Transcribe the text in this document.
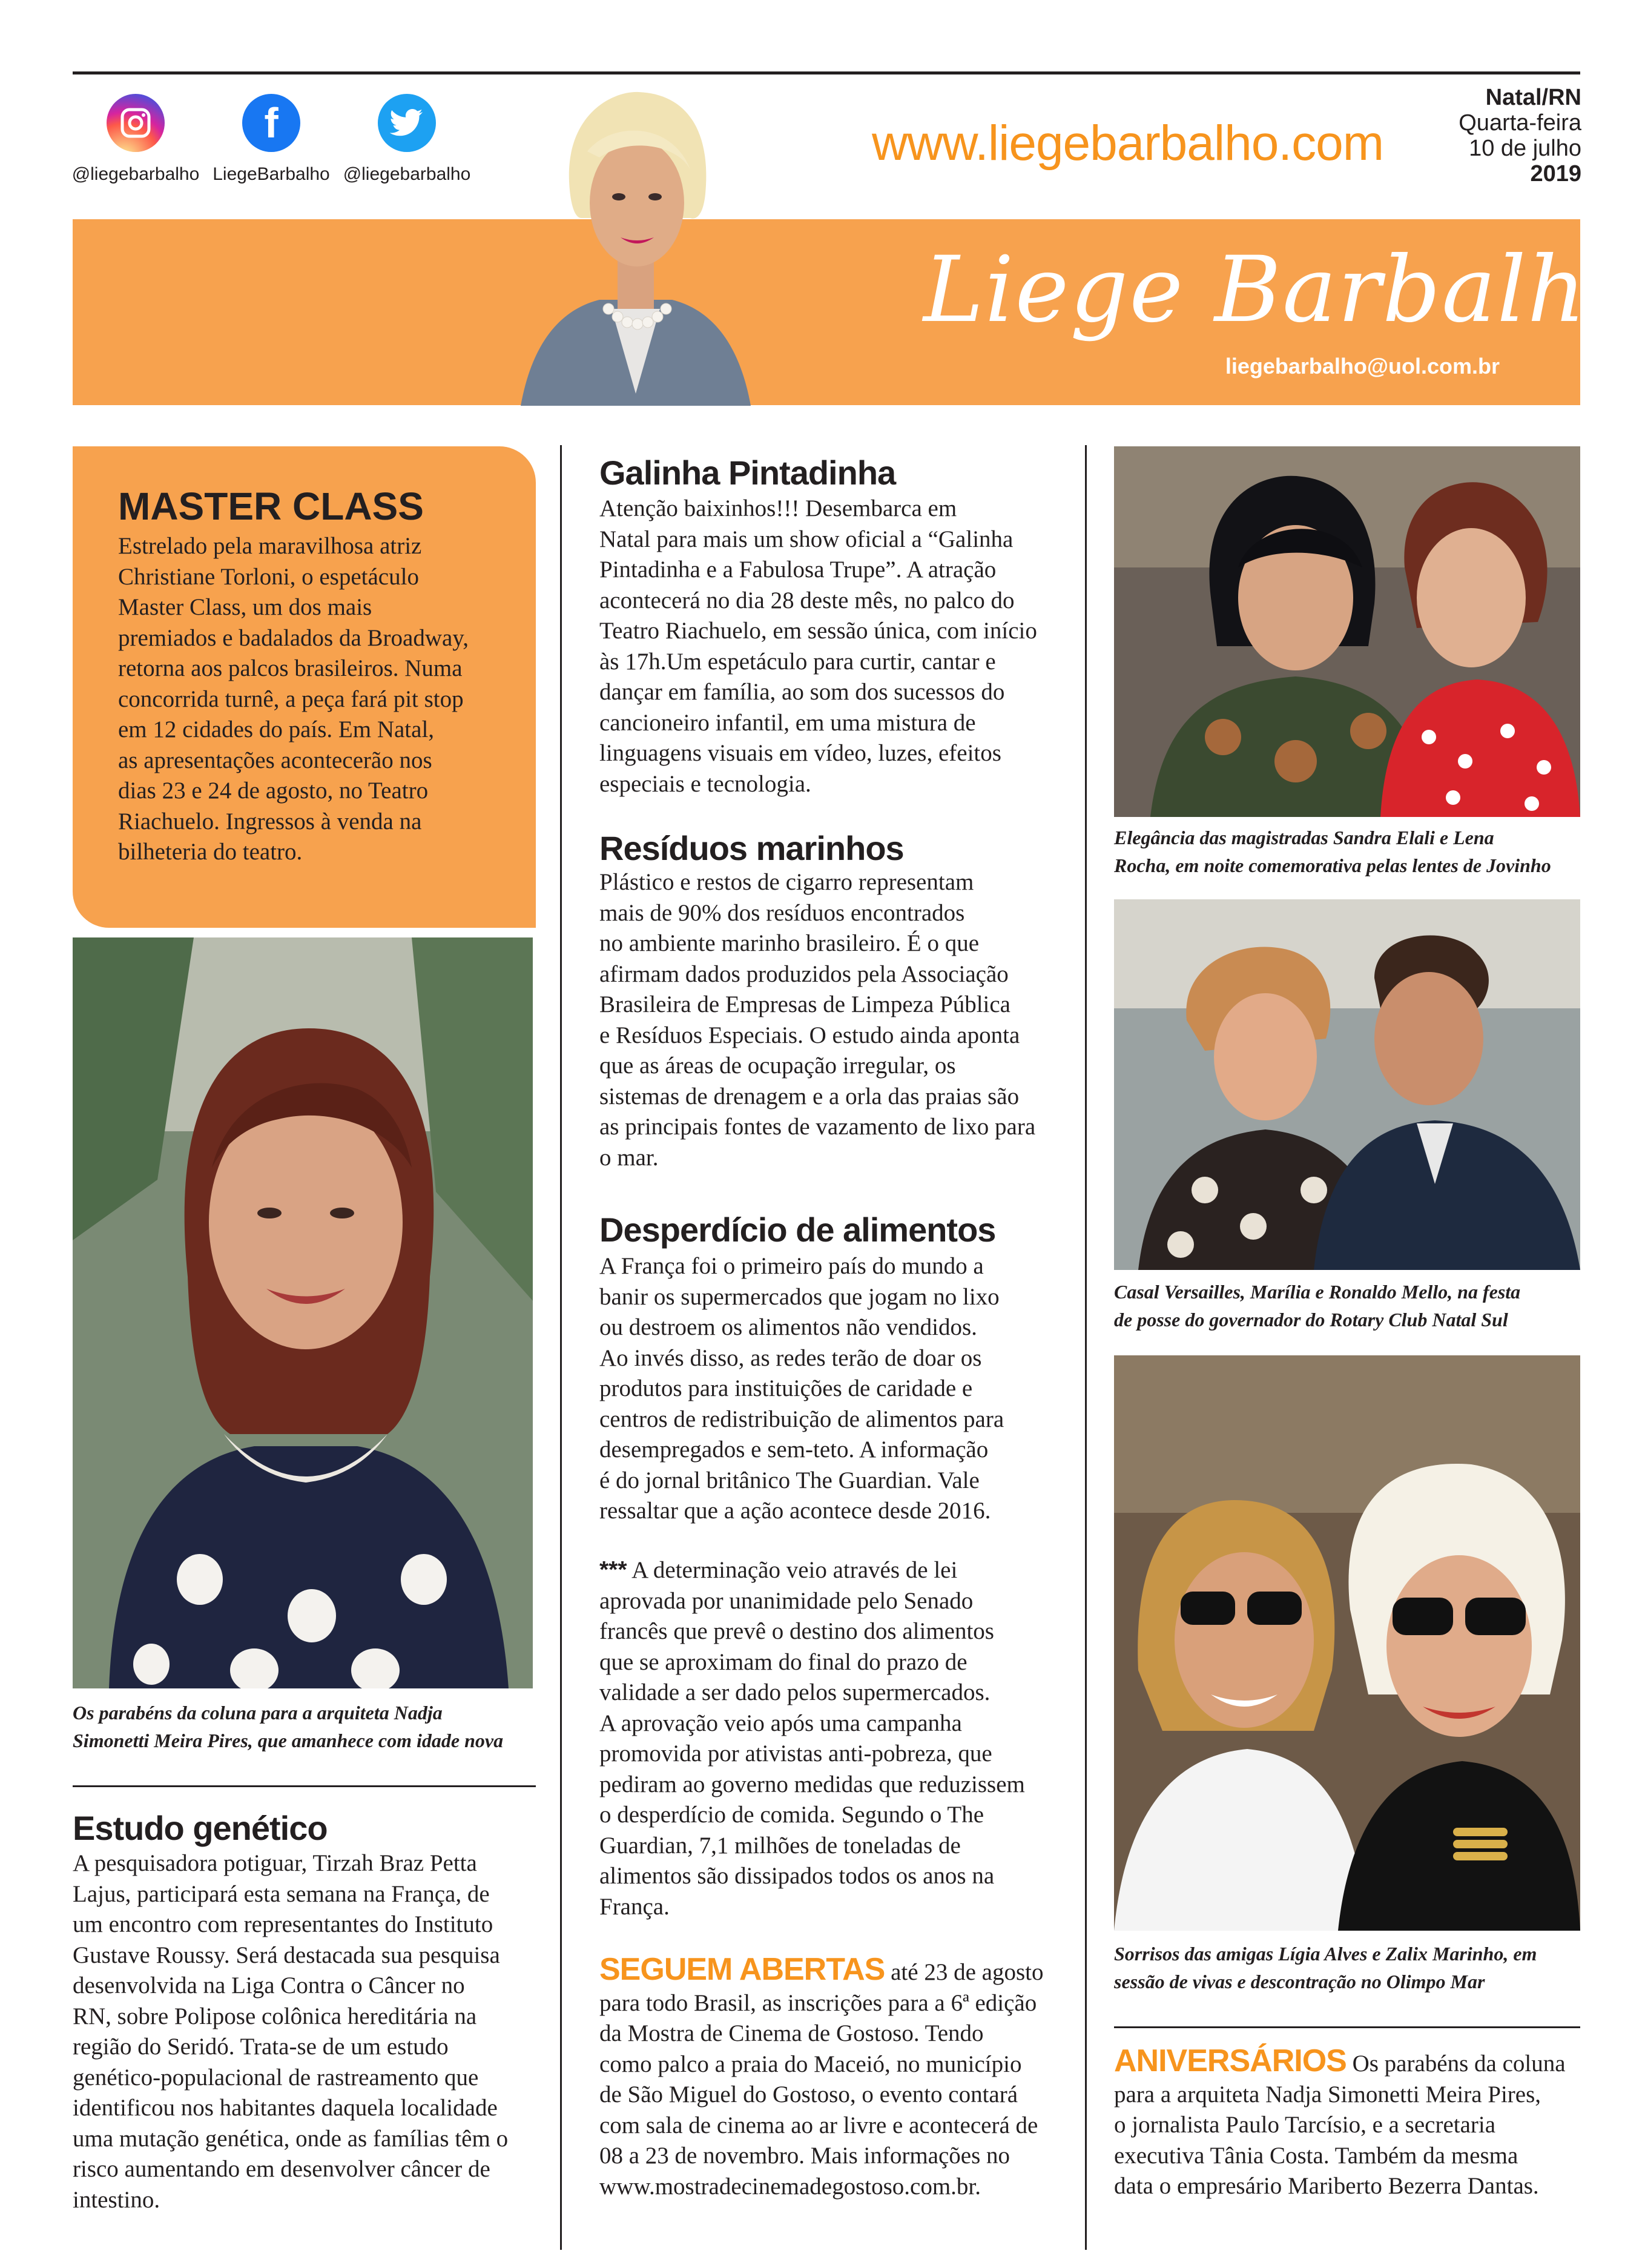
@liegebarbalho
f
LiegeBarbalho @liegebarbalho
www.liegebarbalho.com
Natal/RN
Quarta-feira
10 de julho
2019
Liege Barbalho
liegebarbalho@uol.com.br
MASTER CLASS
Estrelado pela maravilhosa atriz
Christiane Torloni, o espetáculo
Master Class, um dos mais
premiados e badalados da Broadway,
retorna aos palcos brasileiros. Numa
concorrida turnê, a peça fará pit stop
em 12 cidades do país. Em Natal,
as apresentações acontecerão nos
dias 23 e 24 de agosto, no Teatro
Riachuelo. Ingressos à venda na
bilheteria do teatro.
Os parabéns da coluna para a arquiteta Nadja
Simonetti Meira Pires, que amanhece com idade nova
Estudo genético
A pesquisadora potiguar, Tirzah Braz Petta
Lajus, participará esta semana na França, de
um encontro com representantes do Instituto
Gustave Roussy. Será destacada sua pesquisa
desenvolvida na Liga Contra o Câncer no
RN, sobre Polipose colônica hereditária na
região do Seridó. Trata-se de um estudo
genético-populacional de rastreamento que
identificou nos habitantes daquela localidade
uma mutação genética, onde as famílias têm o
risco aumentando em desenvolver câncer de
intestino.
Galinha Pintadinha
Atenção baixinhos!!! Desembarca em
Natal para mais um show oficial a “Galinha
Pintadinha e a Fabulosa Trupe”. A atração
acontecerá no dia 28 deste mês, no palco do
Teatro Riachuelo, em sessão única, com início
às 17h.Um espetáculo para curtir, cantar e
dançar em família, ao som dos sucessos do
cancioneiro infantil, em uma mistura de
linguagens visuais em vídeo, luzes, efeitos
especiais e tecnologia.
Resíduos marinhos
Plástico e restos de cigarro representam
mais de 90% dos resíduos encontrados
no ambiente marinho brasileiro. É o que
afirmam dados produzidos pela Associação
Brasileira de Empresas de Limpeza Pública
e Resíduos Especiais. O estudo ainda aponta
que as áreas de ocupação irregular, os
sistemas de drenagem e a orla das praias são
as principais fontes de vazamento de lixo para
o mar.
Desperdício de alimentos
A França foi o primeiro país do mundo a
banir os supermercados que jogam no lixo
ou destroem os alimentos não vendidos.
Ao invés disso, as redes terão de doar os
produtos para instituições de caridade e
centros de redistribuição de alimentos para
desempregados e sem-teto. A informação
é do jornal britânico The Guardian. Vale
ressaltar que a ação acontece desde 2016.
*** A determinação veio através de lei
aprovada por unanimidade pelo Senado
francês que prevê o destino dos alimentos
que se aproximam do final do prazo de
validade a ser dado pelos supermercados.
A aprovação veio após uma campanha
promovida por ativistas anti-pobreza, que
pediram ao governo medidas que reduzissem
o desperdício de comida. Segundo o The
Guardian, 7,1 milhões de toneladas de
alimentos são dissipados todos os anos na
França.
SEGUEM ABERTAS até 23 de agosto
para todo Brasil, as inscrições para a 6ª edição
da Mostra de Cinema de Gostoso. Tendo
como palco a praia do Maceió, no município
de São Miguel do Gostoso, o evento contará
com sala de cinema ao ar livre e acontecerá de
08 a 23 de novembro. Mais informações no
www.mostradecinemadegostoso.com.br.
Elegância das magistradas Sandra Elali e Lena
Rocha, em noite comemorativa pelas lentes de Jovinho
Casal Versailles, Marília e Ronaldo Mello, na festa
de posse do governador do Rotary Club Natal Sul
Sorrisos das amigas Lígia Alves e Zalix Marinho, em
sessão de vivas e descontração no Olimpo Mar
ANIVERSÁRIOS Os parabéns da coluna
para a arquiteta Nadja Simonetti Meira Pires,
o jornalista Paulo Tarcísio, e a secretaria
executiva Tânia Costa. Também da mesma
data o empresário Mariberto Bezerra Dantas.
